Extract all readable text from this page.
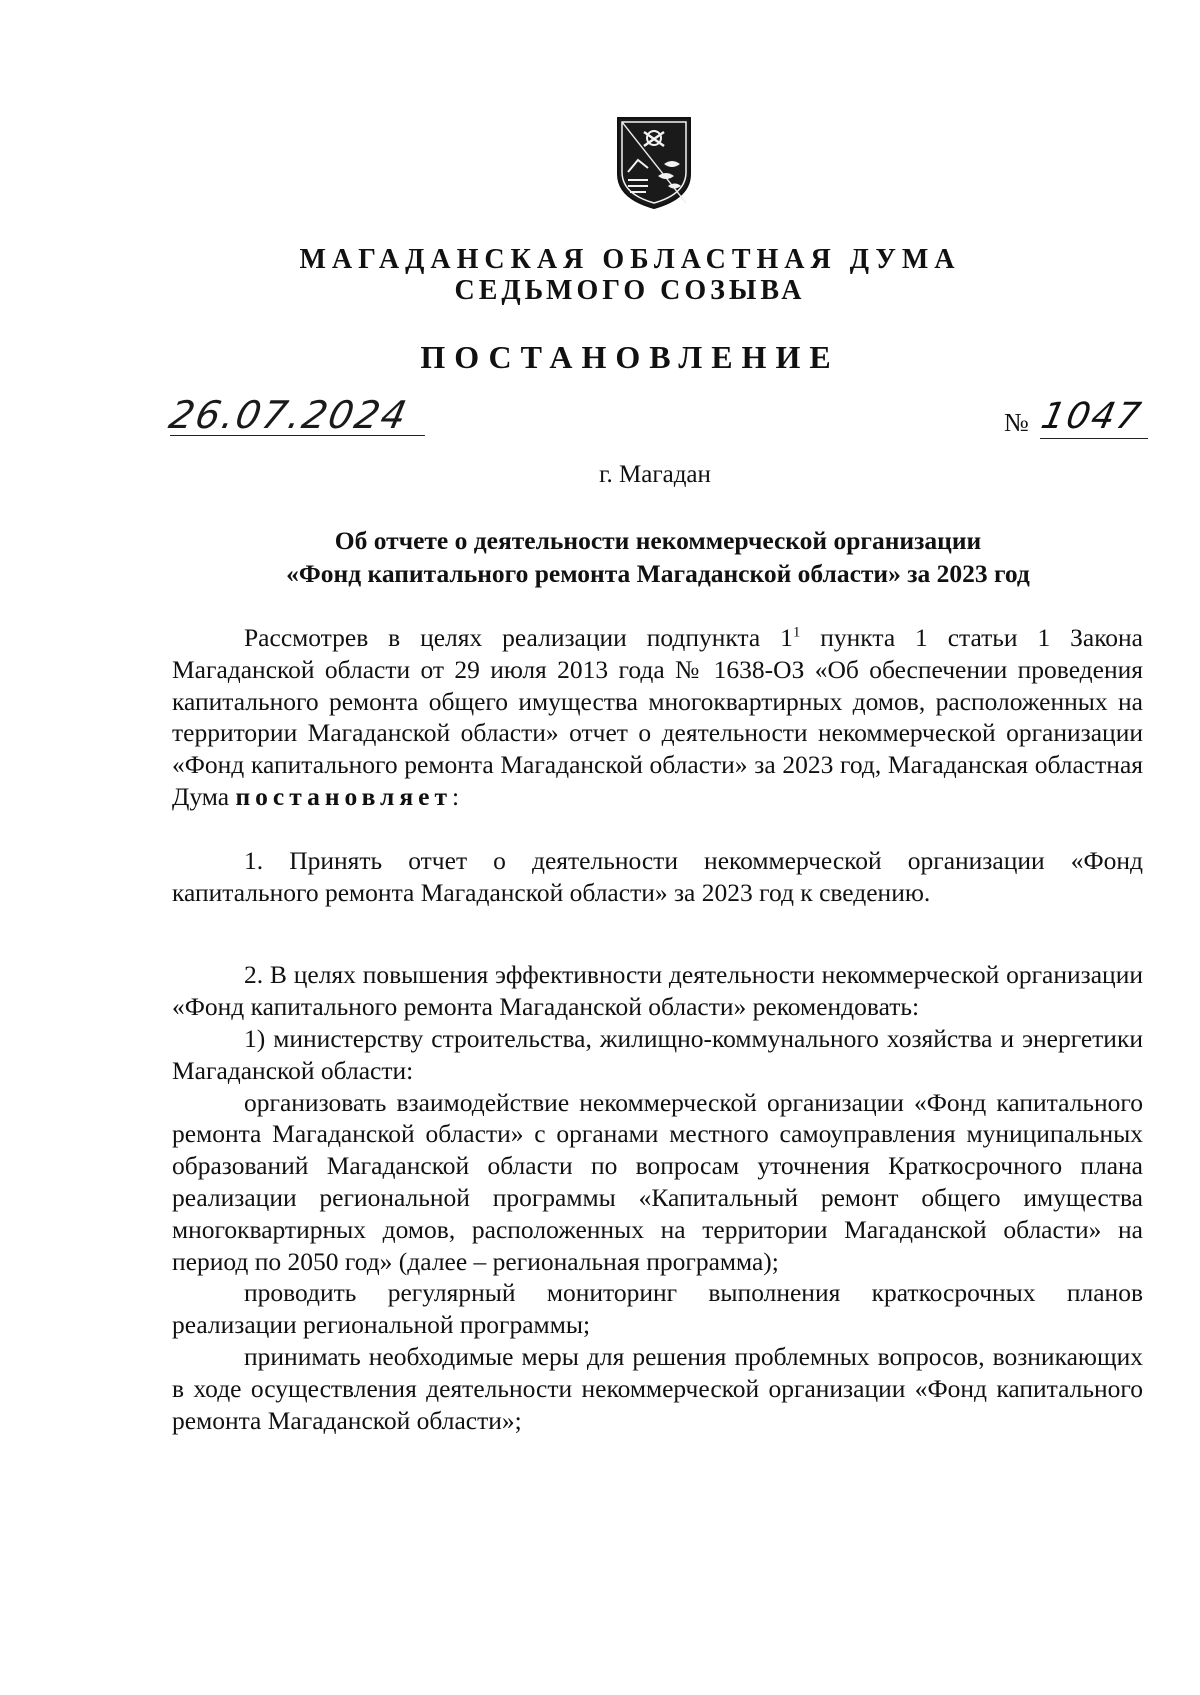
МАГАДАНСКАЯ ОБЛАСТНАЯ ДУМА
СЕДЬМОГО СОЗЫВА
ПОСТАНОВЛЕНИЕ
26.07.2024	№ 1047
г. Магадан
Об отчете о деятельности некоммерческой организации
«Фонд капитального ремонта Магаданской области» за 2023 год

Рассмотрев в целях реализации подпункта $1^1$ пункта 1 статьи 1 Закона Магаданской области от 29 июля 2013 года № 1638-ОЗ «Об обеспечении проведения капитального ремонта общего имущества многоквартирных домов, расположенных на территории Магаданской области» отчет о деятельности некоммерческой организации «Фонд капитального ремонта Магаданской области» за 2023 год, Магаданская областная Дума постановляет:

1. Принять отчет о деятельности некоммерческой организации «Фонд капитального ремонта Магаданской области» за 2023 год к сведению.

2. В целях повышения эффективности деятельности некоммерческой организации «Фонд капитального ремонта Магаданской области» рекомендовать:

1) министерству строительства, жилищно-коммунального хозяйства и энергетики Магаданской области:

организовать взаимодействие некоммерческой организации «Фонд капитального ремонта Магаданской области» с органами местного самоуправления муниципальных образований Магаданской области по вопросам уточнения Краткосрочного плана реализации региональной программы «Капитальный ремонт общего имущества многоквартирных домов, расположенных на территории Магаданской области» на период по 2050 год» (далее – региональная программа);

проводить регулярный мониторинг выполнения краткосрочных планов реализации региональной программы;

принимать необходимые меры для решения проблемных вопросов, возникающих в ходе осуществления деятельности некоммерческой организации «Фонд капитального ремонта Магаданской области»;
